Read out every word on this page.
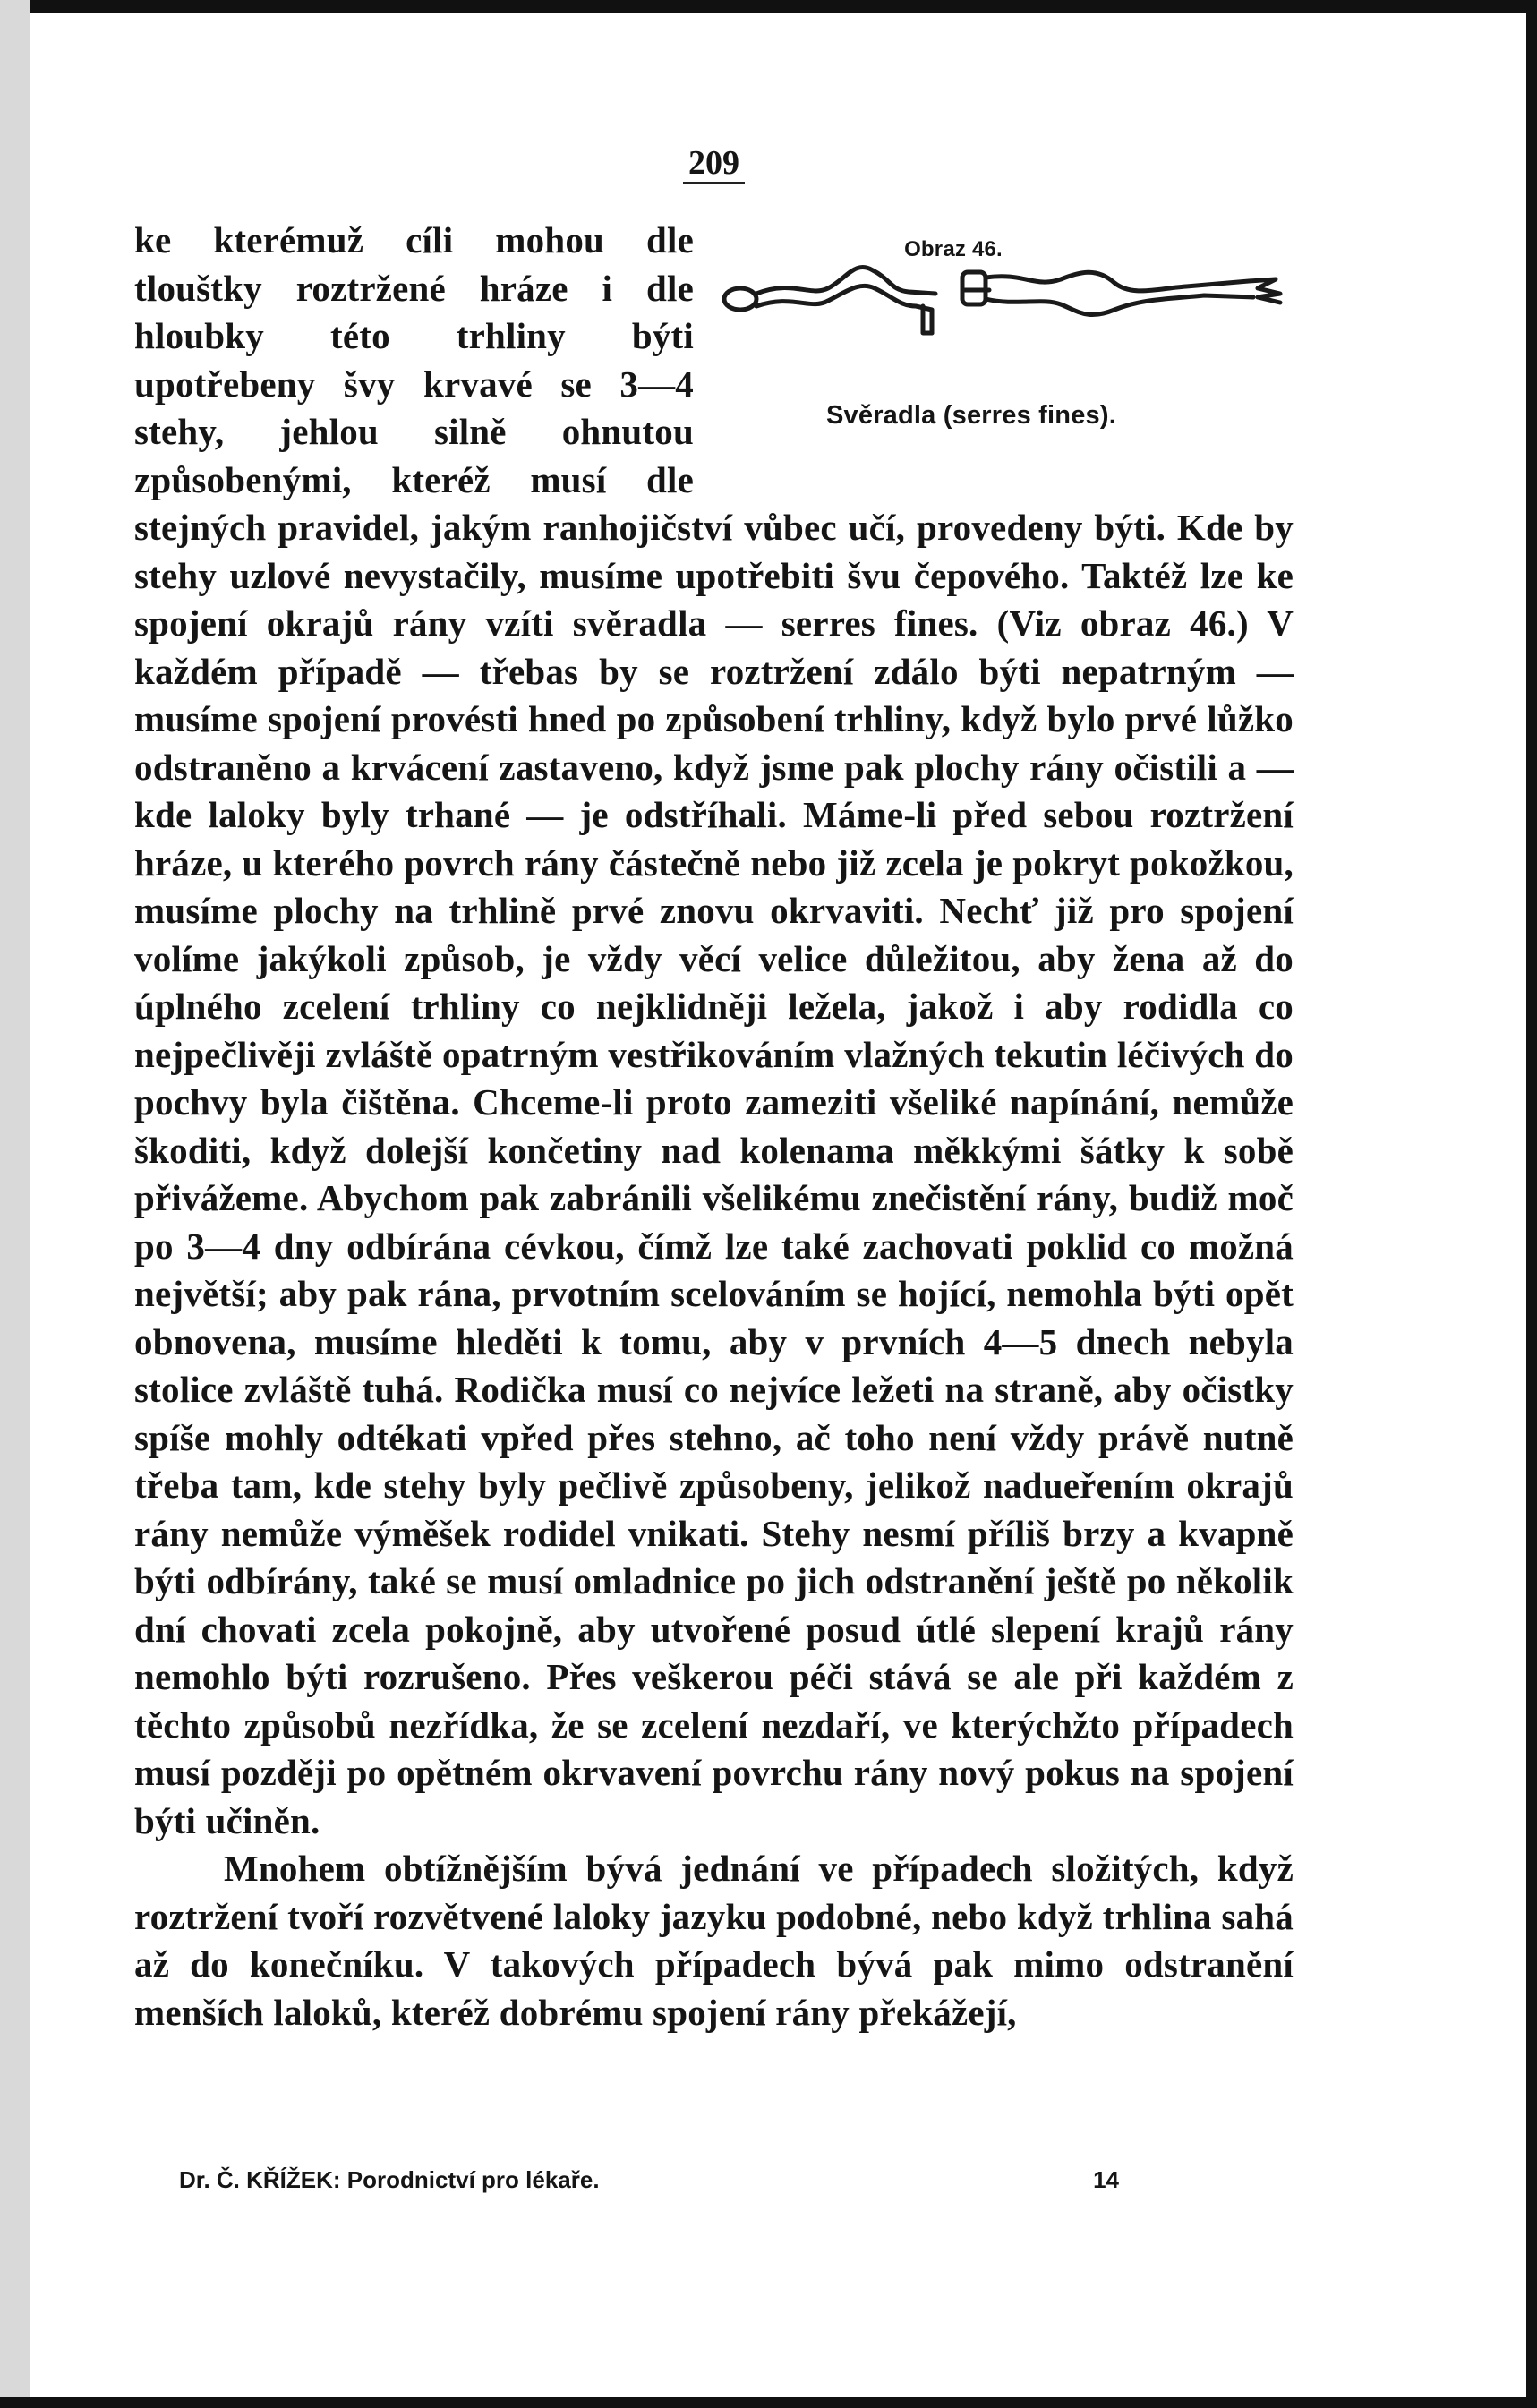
209

Obraz 46.
Svěradla (serres fines).
ke kterémuž cíli mohou dle tlouštky roztržené hráze i dle hloubky této trhliny býti upotřebeny švy krvavé se 3—4 stehy, jehlou silně ohnutou způsobenými, kteréž musí dle stejných pravidel, jakým ranhojičství vůbec učí, provedeny býti. Kde by stehy uzlové nevystačily, musíme upotřebiti švu čepového. Taktéž lze ke spojení okrajů rány vzíti svěradla — serres fines. (Viz obraz 46.) V každém případě — třebas by se roztržení zdálo býti nepatrným — musíme spojení provésti hned po způsobení trhliny, když bylo prvé lůžko odstraněno a krvácení zastaveno, když jsme pak plochy rány očistili a — kde laloky byly trhané — je odstříhali. Máme-li před sebou roztržení hráze, u kterého povrch rány částečně nebo již zcela je pokryt pokožkou, musíme plochy na trhlině prvé znovu okrvaviti. Nechť již pro spojení volíme jakýkoli způsob, je vždy věcí velice důležitou, aby žena až do úplného zcelení trhliny co nejklidněji ležela, jakož i aby rodidla co nejpečlivěji zvláště opatrným vestřikováním vlažných tekutin léčivých do pochvy byla čištěna. Chceme-li proto zameziti všeliké napínání, nemůže škoditi, když dolejší končetiny nad kolenama měkkými šátky k sobě přivážeme. Abychom pak zabránili všelikému znečistění rány, budiž moč po 3—4 dny odbírána cévkou, čímž lze také zachovati poklid co možná největší; aby pak rána, prvotním scelováním se hojící, nemohla býti opět obnovena, musíme hleděti k tomu, aby v prvních 4—5 dnech nebyla stolice zvláště tuhá. Rodička musí co nejvíce ležeti na straně, aby očistky spíše mohly odtékati vpřed přes stehno, ač toho není vždy právě nutně třeba tam, kde stehy byly pečlivě způsobeny, jelikož nadueřením okrajů rány nemůže výměšek rodidel vnikati. Stehy nesmí příliš brzy a kvapně býti odbírány, také se musí omladnice po jich odstranění ještě po několik dní chovati zcela pokojně, aby utvořené posud útlé slepení krajů rány nemohlo býti rozrušeno. Přes veškerou péči stává se ale při každém z těchto způsobů nezřídka, že se zcelení nezdaří, ve kterýchžto případech musí později po opětném okrvavení povrchu rány nový pokus na spojení býti učiněn.

Mnohem obtížnějším bývá jednání ve případech složitých, když roztržení tvoří rozvětvené laloky jazyku podobné, nebo když trhlina sahá až do konečníku. V takových případech bývá pak mimo odstranění menších laloků, kteréž dobrému spojení rány překážejí,

Dr. Č. KŘÍŽEK: Porodnictví pro lékaře.	14
